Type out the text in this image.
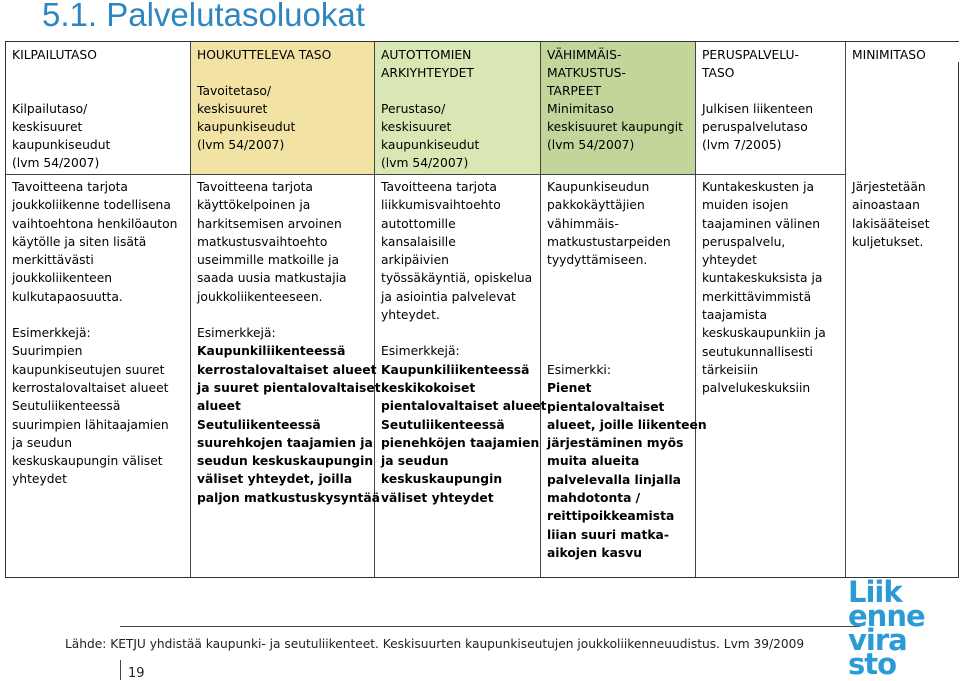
5.1. Palvelutasoluokat
KILPAILUTASO
Kilpailutaso/
keskisuuret
kaupunkiseudut
(lvm 54/2007)
Tavoitteena tarjota
joukkoliikenne todellisena
vaihtoehtona henkilöauton
käytölle ja siten lisätä
merkittävästi
joukkoliikenteen
kulkutapaosuutta.
Esimerkkejä:
Suurimpien
kaupunkiseutujen suuret
kerrostalovaltaiset alueet
Seutuliikenteessä
suurimpien lähitaajamien
ja seudun
keskuskaupungin väliset
yhteydet
HOUKUTTELEVA TASO
Tavoitetaso/
keskisuuret
kaupunkiseudut
(lvm 54/2007)
Tavoitteena tarjota
käyttökelpoinen ja
harkitsemisen arvoinen
matkustusvaihtoehto
useimmille matkoille ja
saada uusia matkustajia
joukkoliikenteeseen.
Esimerkkejä:
Kaupunkiliikenteessä
kerrostalovaltaiset alueet
ja suuret pientalovaltaiset
alueet
Seutuliikenteessä
suurehkojen taajamien ja
seudun keskuskaupungin
väliset yhteydet, joilla
paljon matkustuskysyntää
AUTOTTOMIEN
ARKIYHTEYDET
Perustaso/
keskisuuret
kaupunkiseudut
(lvm 54/2007)
Tavoitteena tarjota
liikkumisvaihtoehto
autottomille
kansalaisille
arkipäivien
työssäkäyntiä, opiskelua
ja asiointia palvelevat
yhteydet.
Esimerkkejä:
Kaupunkiliikenteessä
keskikokoiset
pientalovaltaiset alueet
Seutuliikenteessä
pienehköjen taajamien
ja seudun
keskuskaupungin
väliset yhteydet
VÄHIMMÄIS-
MATKUSTUS-
TARPEET
Minimitaso
keskisuuret kaupungit
(lvm 54/2007)
Kaupunkiseudun
pakkokäyttäjien
vähimmäis-
matkustustarpeiden
tyydyttämiseen.
Esimerkki:
Pienet
pientalovaltaiset
alueet, joille liikenteen
järjestäminen myös
muita alueita
palvelevalla linjalla
mahdotonta /
reittipoikkeamista
liian suuri matka-
aikojen kasvu
PERUSPALVELU-
TASO
Julkisen liikenteen
peruspalvelutaso
(lvm 7/2005)
Kuntakeskusten ja
muiden isojen
taajaminen välinen
peruspalvelu,
yhteydet
kuntakeskuksista ja
merkittävimmistä
taajamista
keskuskaupunkiin ja
seutukunnallisesti
tärkeisiin
palvelukeskuksiin
MINIMITASO
Järjestetään
ainoastaan
lakisääteiset
kuljetukset.
Lähde: KETJU yhdistää kaupunki- ja seutuliikenteet. Keskisuurten kaupunkiseutujen joukkoliikenneuudistus. Lvm 39/2009
19
Liik
enne
vira
sto
